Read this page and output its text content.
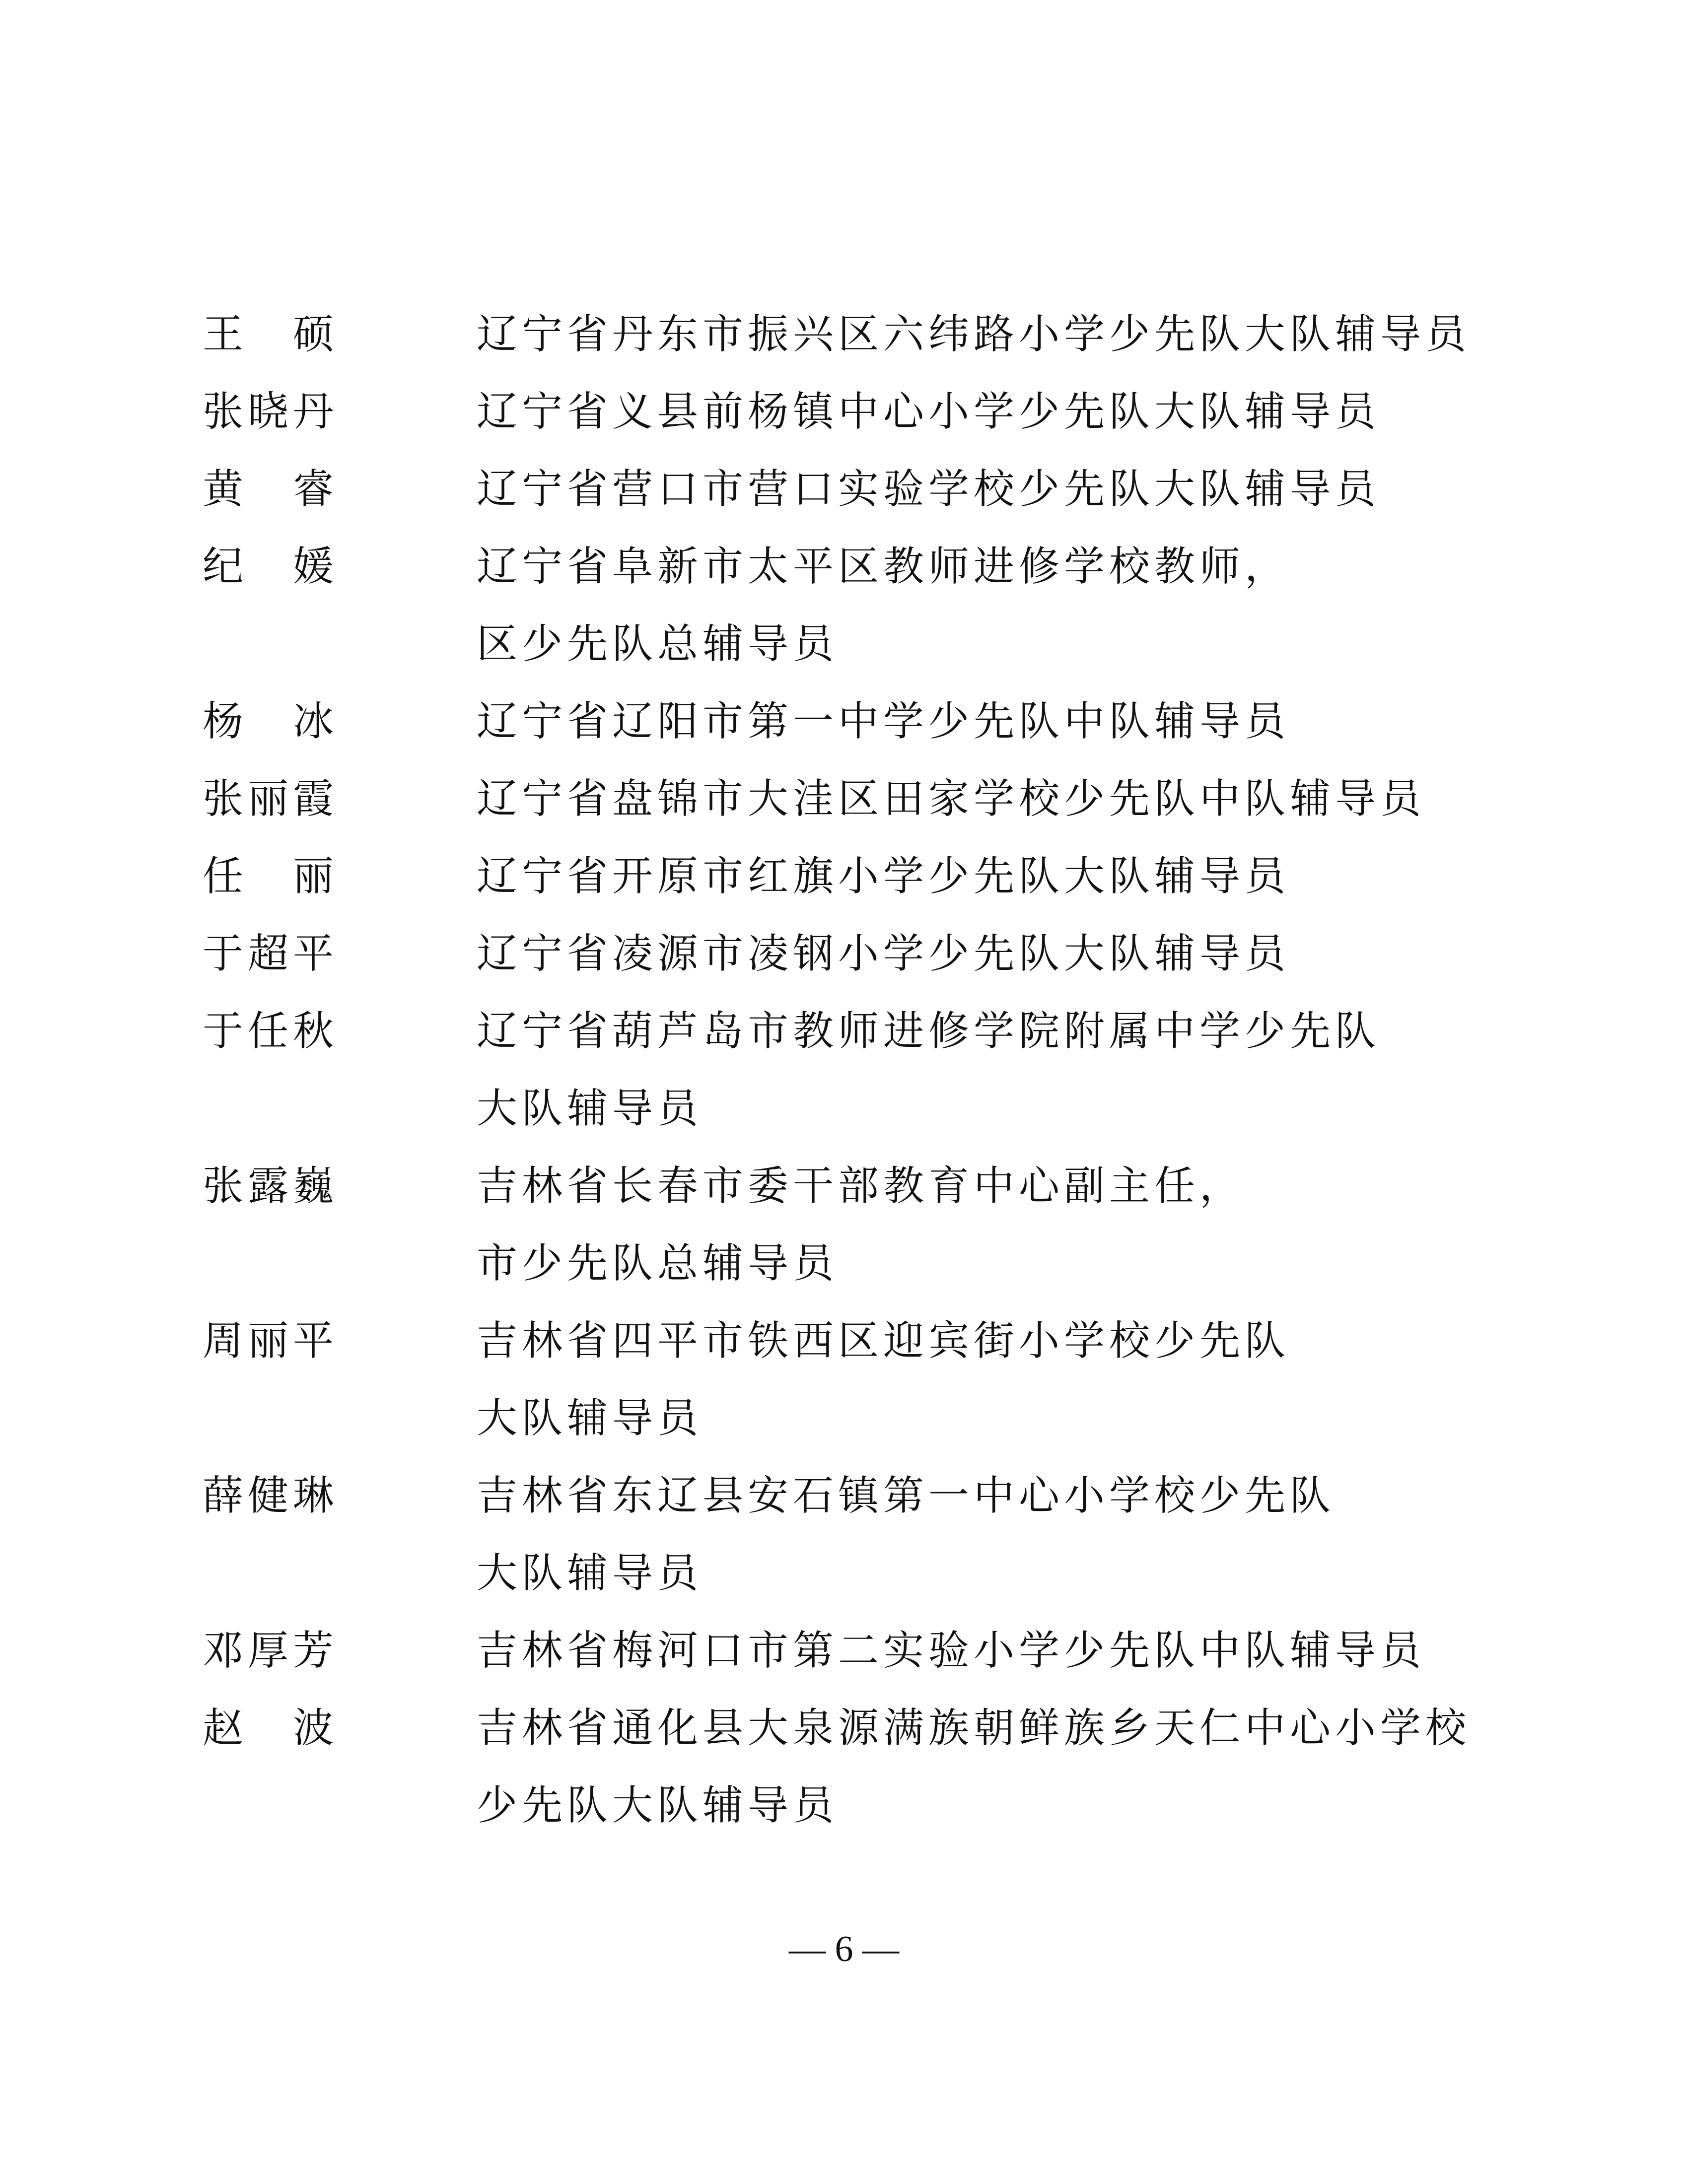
王　硕	辽宁省丹东市振兴区六纬路小学少先队大队辅导员
张晓丹	辽宁省义县前杨镇中心小学少先队大队辅导员
黄　睿	辽宁省营口市营口实验学校少先队大队辅导员
纪　媛	辽宁省阜新市太平区教师进修学校教师，
区少先队总辅导员
杨　冰	辽宁省辽阳市第一中学少先队中队辅导员
张丽霞	辽宁省盘锦市大洼区田家学校少先队中队辅导员
任　丽	辽宁省开原市红旗小学少先队大队辅导员
于超平	辽宁省凌源市凌钢小学少先队大队辅导员
于任秋	辽宁省葫芦岛市教师进修学院附属中学少先队
大队辅导员
张露巍	吉林省长春市委干部教育中心副主任，
市少先队总辅导员
周丽平	吉林省四平市铁西区迎宾街小学校少先队
大队辅导员
薛健琳	吉林省东辽县安石镇第一中心小学校少先队
大队辅导员
邓厚芳	吉林省梅河口市第二实验小学少先队中队辅导员
赵　波	吉林省通化县大泉源满族朝鲜族乡天仁中心小学校
少先队大队辅导员
— 6 —
